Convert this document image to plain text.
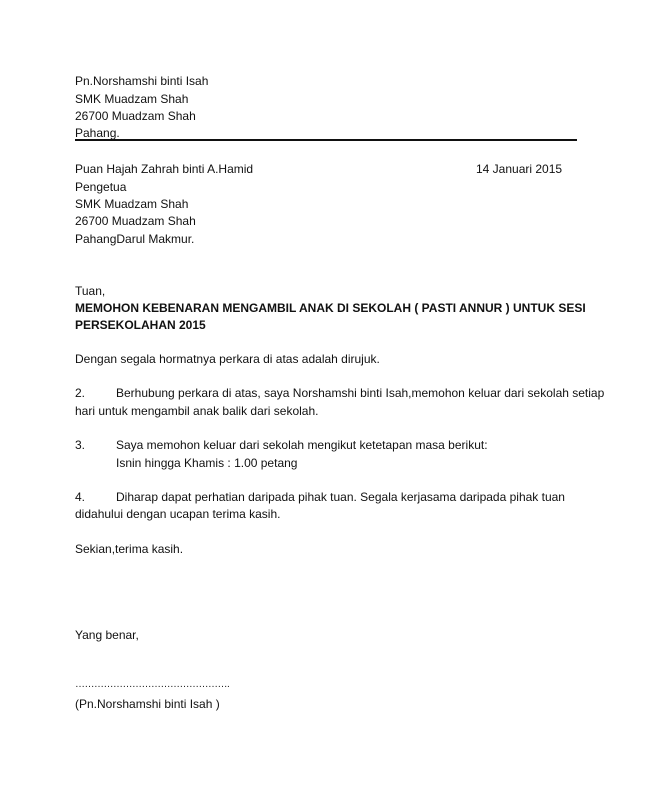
Pn.Norshamshi binti Isah
SMK Muadzam Shah
26700 Muadzam Shah
Pahang.
Puan Hajah Zahrah binti A.Hamid	14 Januari 2015
Pengetua
SMK Muadzam Shah
26700 Muadzam Shah
PahangDarul Makmur.
Tuan,
MEMOHON KEBENARAN MENGAMBIL ANAK DI SEKOLAH ( PASTI ANNUR ) UNTUK SESI
PERSEKOLAHAN 2015
Dengan segala hormatnya perkara di atas adalah dirujuk.
2.	Berhubung perkara di atas, saya Norshamshi binti Isah,memohon keluar dari sekolah setiap
hari untuk mengambil anak balik dari sekolah.
3.	Saya memohon keluar dari sekolah mengikut ketetapan masa berikut:
Isnin hingga Khamis : 1.00 petang
4.	Diharap dapat perhatian daripada pihak tuan. Segala kerjasama daripada pihak tuan
didahului dengan ucapan terima kasih.
Sekian,terima kasih.
Yang benar,
………………………………………….
(Pn.Norshamshi binti Isah )
